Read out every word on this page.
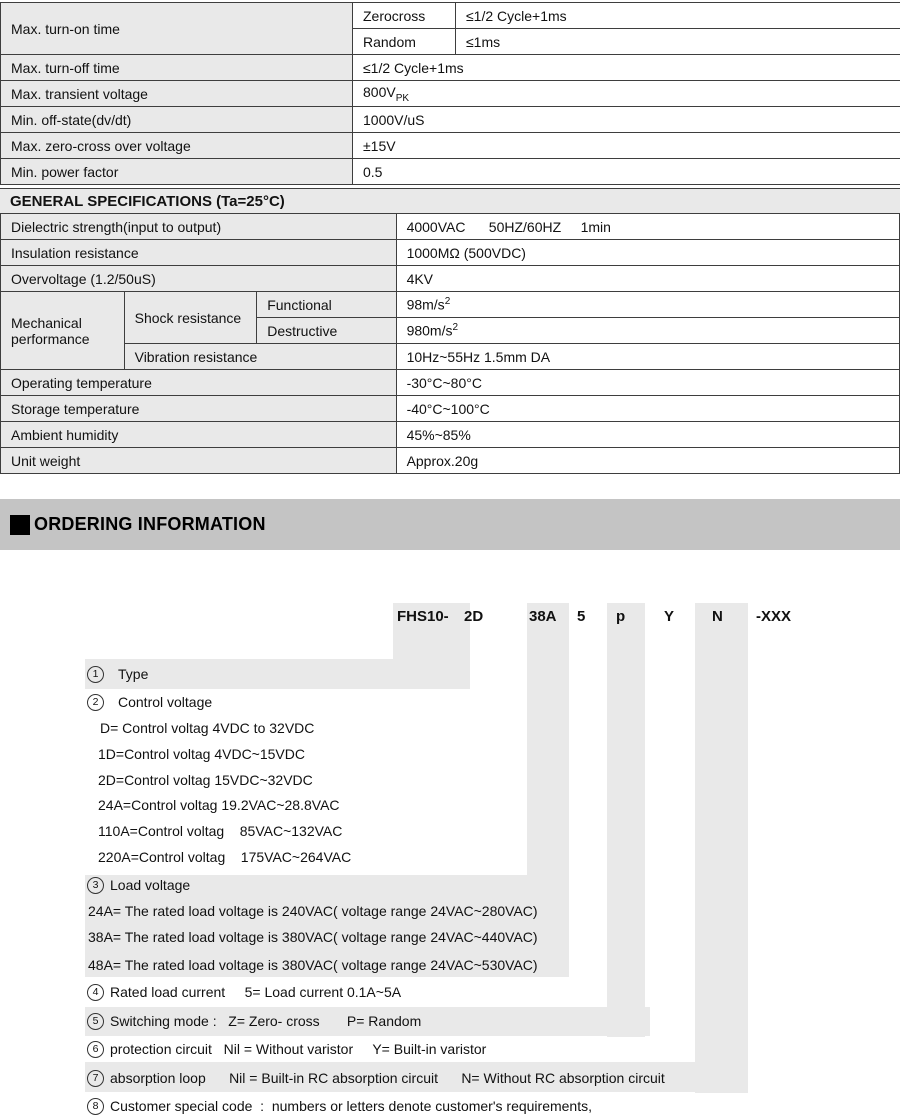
Max. turn-on time	Zerocross	≤1/2 Cycle+1ms
	Random	≤1ms
Max. turn-off time	≤1/2 Cycle+1ms	
Max. transient voltage	$800V_{PK}$
Min. off-state(dv/dt)	1000V/uS	
Max. zero-cross over voltage	±15V	
Min. power factor	0.5	
GENERAL SPECIFICATIONS (Ta=25°C)
Dielectric strength(input to output)			4000VAC      50HZ/60HZ     1min
Insulation resistance			1000MΩ (500VDC)
Overvoltage (1.2/50uS)			4KV
Mechanical performance	Shock resistance	Functional	$98m/s^2$
		Destructive	$980m/s^2$
	Vibration resistance		10Hz~55Hz 1.5mm DA
Operating temperature			-30°C~80°C
Storage temperature			-40°C~100°C
Ambient humidity			45%~85%
Unit weight			Approx.20g
ORDERING INFORMATION
FHS10- 2D	38A 5 p	Y	N -XXX
1	Type
2	Control voltage
D= Control voltag 4VDC to 32VDC
1D=Control voltag 4VDC~15VDC
2D=Control voltag 15VDC~32VDC
24A=Control voltag 19.2VAC~28.8VAC
110A=Control voltag    85VAC~132VAC
220A=Control voltag    175VAC~264VAC
3 Load voltage
24A= The rated load voltage is 240VAC( voltage range 24VAC~280VAC)
38A= The rated load voltage is 380VAC( voltage range 24VAC~440VAC)
48A= The rated load voltage is 380VAC( voltage range 24VAC~530VAC)
4 Rated load current     5= Load current 0.1A~5A
5 Switching mode :   Z= Zero- cross       P= Random
6 protection circuit   Nil = Without varistor     Y= Built-in varistor
7 absorption loop      Nil = Built-in RC absorption circuit      N= Without RC absorption circuit
8 Customer special code  :  numbers or letters denote customer's requirements,
